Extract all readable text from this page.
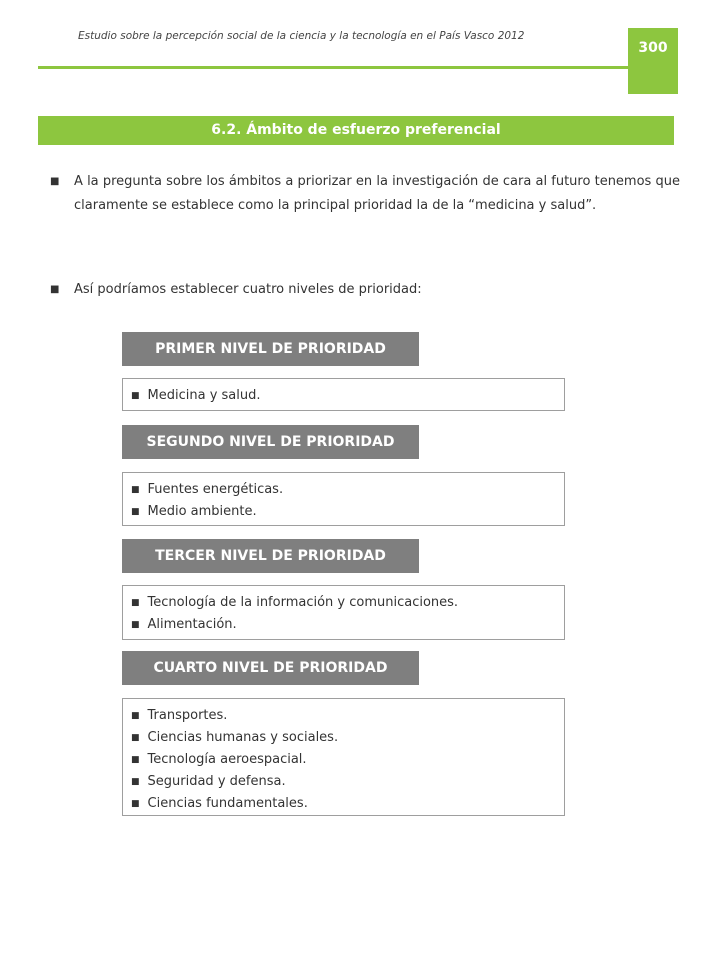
Estudio sobre la percepción social de la ciencia y la tecnología en el País Vasco 2012
300
6.2. Ámbito de esfuerzo preferencial
■ A la pregunta sobre los ámbitos a priorizar en la investigación de cara al futuro tenemos que claramente se establece como la principal prioridad la de la “medicina y salud”.
■ Así podríamos establecer cuatro niveles de prioridad:
PRIMER NIVEL DE PRIORIDAD
■ Medicina y salud.
SEGUNDO NIVEL DE PRIORIDAD
■ Fuentes energéticas.
■ Medio ambiente.
TERCER NIVEL DE PRIORIDAD
■ Tecnología de la información y comunicaciones.
■ Alimentación.
CUARTO NIVEL DE PRIORIDAD
■ Transportes.
■ Ciencias humanas y sociales.
■ Tecnología aeroespacial.
■ Seguridad y defensa.
■ Ciencias fundamentales.
